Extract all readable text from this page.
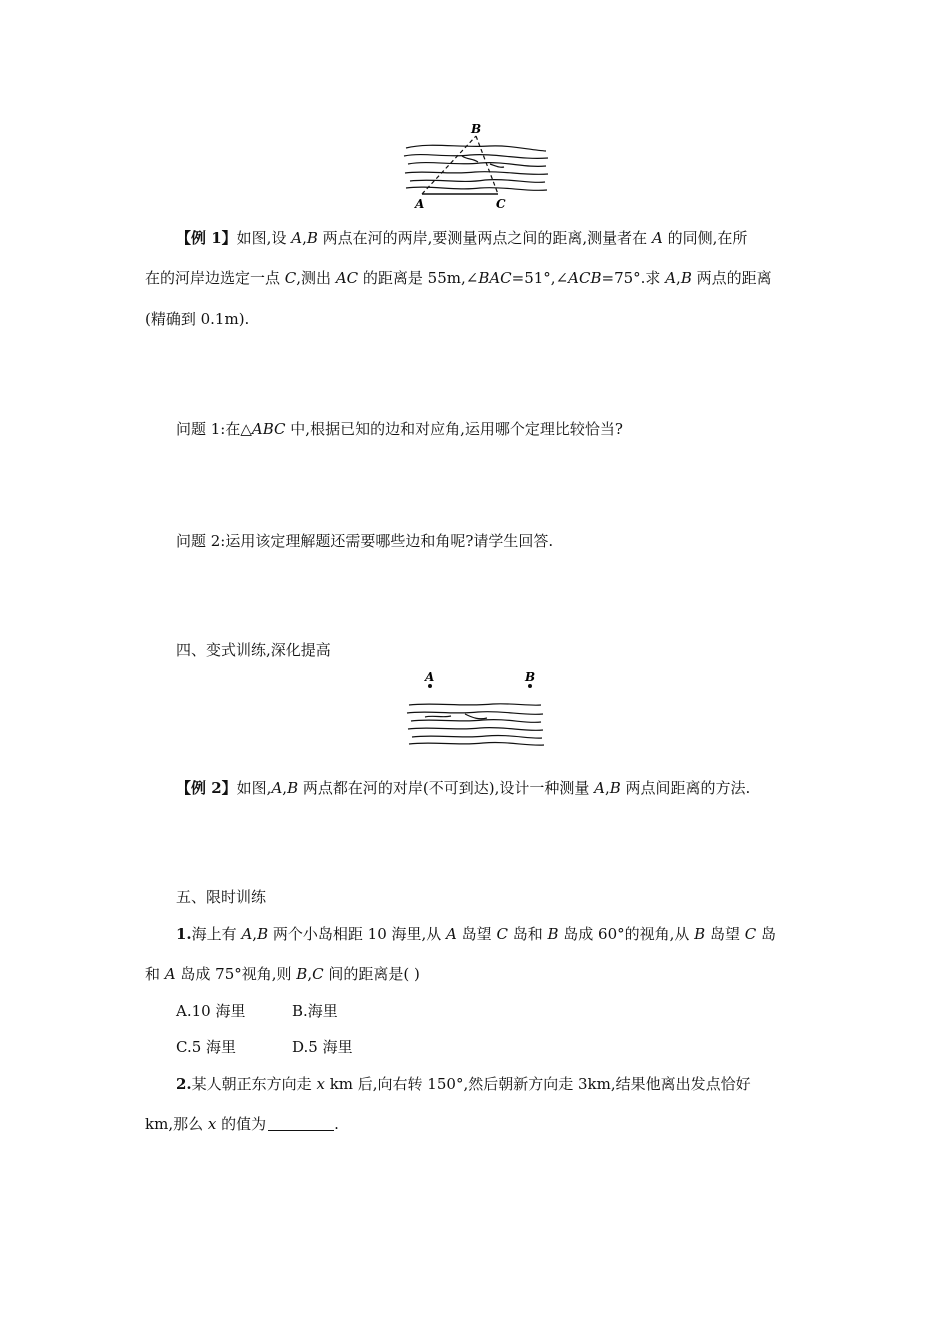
B
A	C
【例 1】如图,设 A,B 两点在河的两岸,要测量两点之间的距离,测量者在 A 的同侧,在所
在的河岸边选定一点 C,测出 AC 的距离是 55m,∠BAC=51°,∠ACB=75°.求 A,B 两点的距离
(精确到 0.1m).
问题 1:在△ABC 中,根据已知的边和对应角,运用哪个定理比较恰当?
问题 2:运用该定理解题还需要哪些边和角呢?请学生回答.
四、变式训练,深化提高
A	B
【例 2】如图,A,B 两点都在河的对岸(不可到达),设计一种测量 A,B 两点间距离的方法.
五、限时训练
1.海上有 A,B 两个小岛相距 10 海里,从 A 岛望 C 岛和 B 岛成 60°的视角,从 B 岛望 C 岛
和 A 岛成 75°视角,则 B,C 间的距离是( )
A.10 海里	B.海里
C.5 海里	D.5 海里
2.某人朝正东方向走 x km 后,向右转 150°,然后朝新方向走 3km,结果他离出发点恰好
km,那么 x 的值为	.
